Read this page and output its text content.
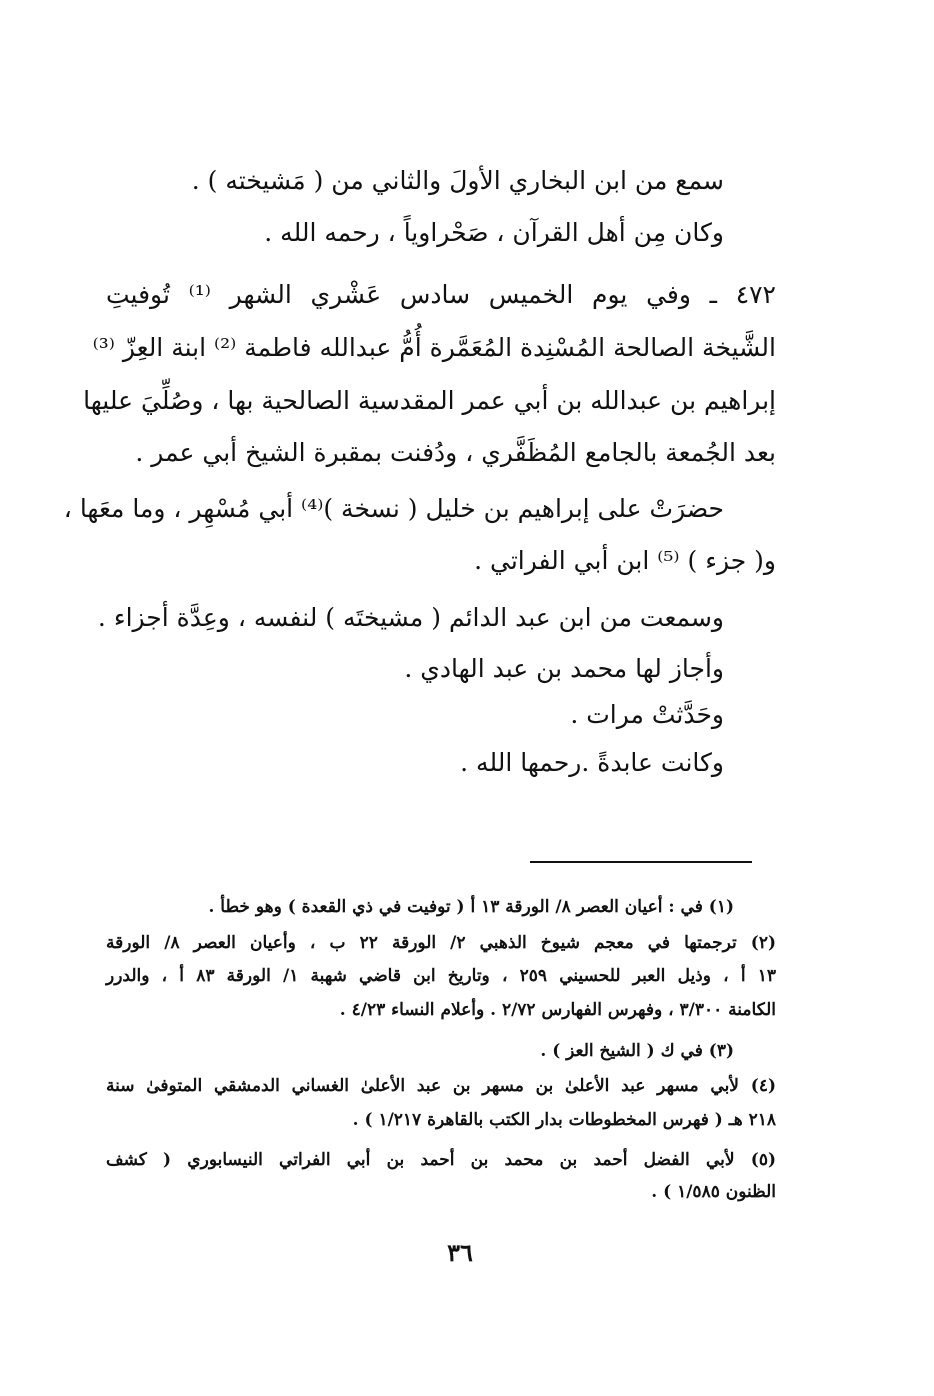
سمع من ابن البخاري الأولَ والثاني من ( مَشيخته ) .
وكان مِن أهل القرآن ، صَحْراوياً ، رحمه الله .
٤٧٢ ـ وفي يوم الخميس سادس عَشْري الشهر ⁽¹⁾ تُوفيتِ
الشَّيخة الصالحة المُسْنِدة المُعَمَّرة أُمُّ عبدالله فاطمة ⁽²⁾ ابنة العِزّ ⁽³⁾
إبراهيم بن عبدالله بن أبي عمر المقدسية الصالحية بها ، وصُلِّيَ عليها
بعد الجُمعة بالجامع المُظَفَّري ، ودُفنت بمقبرة الشيخ أبي عمر .
حضرَتْ على إبراهيم بن خليل ( نسخة )⁽⁴⁾ أبي مُسْهِر ، وما معَها ،
و( جزء ) ⁽⁵⁾ ابن أبي الفراتي .
وسمعت من ابن عبد الدائم ( مشيختَه ) لنفسه ، وعِدَّة أجزاء .
وأجاز لها محمد بن عبد الهادي .
وحَدَّثتْ مرات .
وكانت عابدةً .رحمها الله .
(١) في : أعيان العصر ٨/ الورقة ١٣ أ ( توفيت في ذي القعدة ) وهو خطأ .
(٢) ترجمتها في معجم شيوخ الذهبي ٢/ الورقة ٢٢ ب ، وأعيان العصر ٨/ الورقة
١٣ أ ، وذيل العبر للحسيني ٢٥٩ ، وتاريخ ابن قاضي شهبة ١/ الورقة ٨٣ أ ، والدرر
الكامنة ٣/٣٠٠ ، وفهرس الفهارس ٢/٧٢ . وأعلام النساء ٤/٢٣ .
(٣) في ك ( الشيخ العز ) .
(٤) لأبي مسهر عبد الأعلىٰ بن مسهر بن عبد الأعلىٰ الغساني الدمشقي المتوفىٰ سنة
٢١٨ هـ ( فهرس المخطوطات بدار الكتب بالقاهرة ١/٢١٧ ) .
(٥) لأبي الفضل أحمد بن محمد بن أحمد بن أبي الفراتي النيسابوري ( كشف
الظنون ١/٥٨٥ ) .
٣٦
